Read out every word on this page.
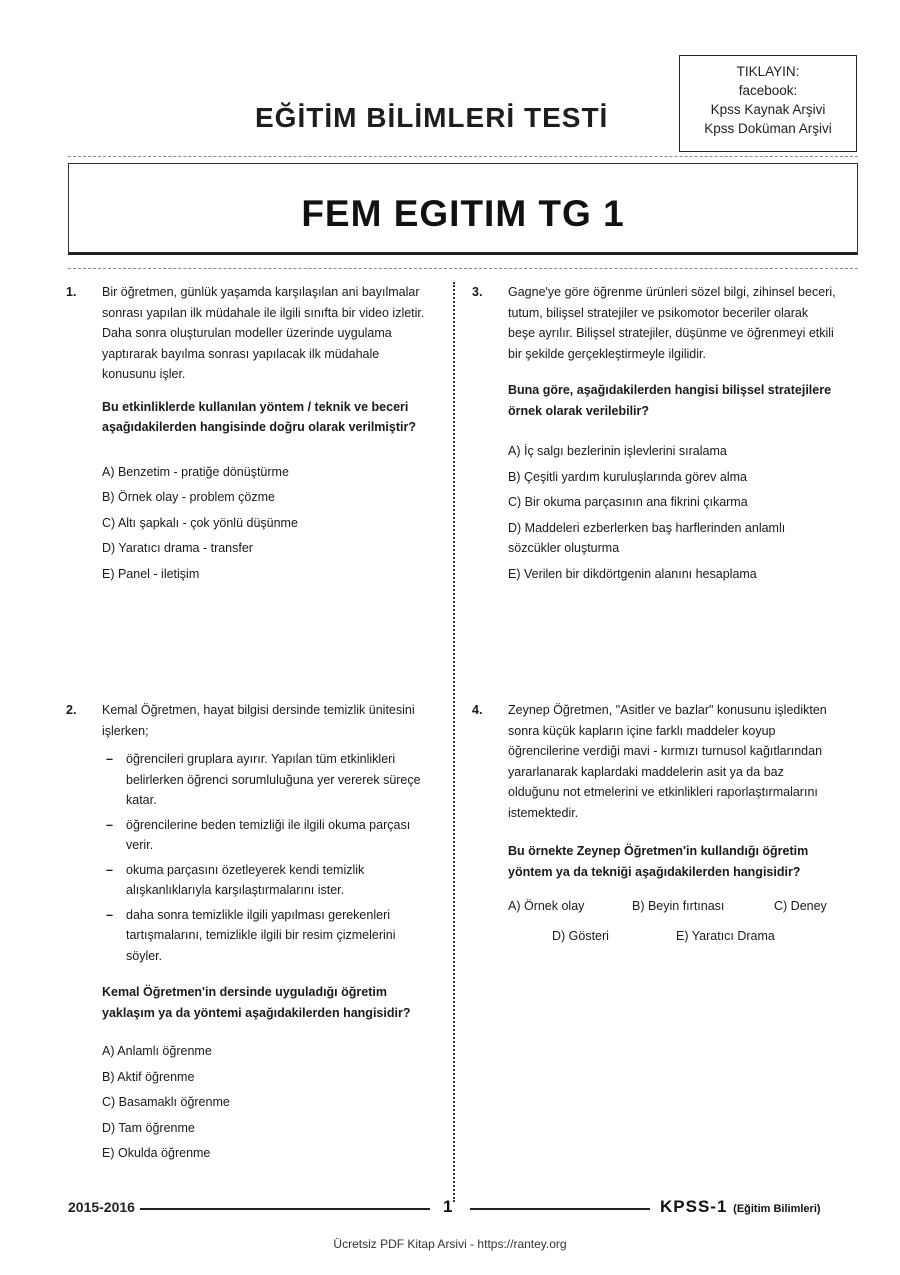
TIKLAYIN:
facebook:
Kpss Kaynak Arşivi
Kpss Doküman Arşivi
EĞİTİM BİLİMLERİ TESTİ
FEM EGITIM TG 1
1. Bir öğretmen, günlük yaşamda karşılaşılan ani bayılmalar sonrası yapılan ilk müdahale ile ilgili sınıfta bir video izletir. Daha sonra oluşturulan modeller üzerinde uygulama yaptırarak bayılma sonrası yapılacak ilk müdahale konusunu işler.
Bu etkinliklerde kullanılan yöntem / teknik ve beceri aşağıdakilerden hangisinde doğru olarak verilmiştir?
A) Benzetim - pratiğe dönüştürme
B) Örnek olay - problem çözme
C) Altı şapkalı - çok yönlü düşünme
D) Yaratıcı drama - transfer
E) Panel - iletişim
2. Kemal Öğretmen, hayat bilgisi dersinde temizlik ünitesini işlerken;
–	öğrencileri gruplara ayırır. Yapılan tüm etkinlikleri belirlerken öğrenci sorumluluğuna yer vererek süreçe katar.
–	öğrencilerine beden temizliği ile ilgili okuma parçası verir.
–	okuma parçasını özetleyerek kendi temizlik alışkanlıklarıyla karşılaştırmalarını ister.
–	daha sonra temizlikle ilgili yapılması gerekenleri tartışmalarını, temizlikle ilgili bir resim çizmelerini söyler.
Kemal Öğretmen'in dersinde uyguladığı öğretim yaklaşım ya da yöntemi aşağıdakilerden hangisidir?
A) Anlamlı öğrenme
B) Aktif öğrenme
C) Basamaklı öğrenme
D) Tam öğrenme
E) Okulda öğrenme
3. Gagne'ye göre öğrenme ürünleri sözel bilgi, zihinsel beceri, tutum, bilişsel stratejiler ve psikomotor beceriler olarak beşe ayrılır. Bilişsel stratejiler, düşünme ve öğrenmeyi etkili bir şekilde gerçekleştirmeyle ilgilidir.
Buna göre, aşağıdakilerden hangisi bilişsel stratejilere örnek olarak verilebilir?
A) İç salgı bezlerinin işlevlerini sıralama
B) Çeşitli yardım kuruluşlarında görev alma
C) Bir okuma parçasının ana fikrini çıkarma
D) Maddeleri ezberlerken baş harflerinden anlamlı sözcükler oluşturma
E) Verilen bir dikdörtgenin alanını hesaplama
4. Zeynep Öğretmen, "Asitler ve bazlar" konusunu işledikten sonra küçük kapların içine farklı maddeler koyup öğrencilerine verdiği mavi - kırmızı turnusol kağıtlarından yararlanarak kaplardaki maddelerin asit ya da baz olduğunu not etmelerini ve etkinlikleri raporlaştırmalarını istemektedir.
Bu örnekte Zeynep Öğretmen'in kullandığı öğretim yöntem ya da tekniği aşağıdakilerden hangisidir?
A) Örnek olay	B) Beyin fırtınası	C) Deney
D) Gösteri	E) Yaratıcı Drama
2015-2016	1	KPSS-1 (Eğitim Bilimleri)
Ücretsiz PDF Kitap Arsivi - https://rantey.org
